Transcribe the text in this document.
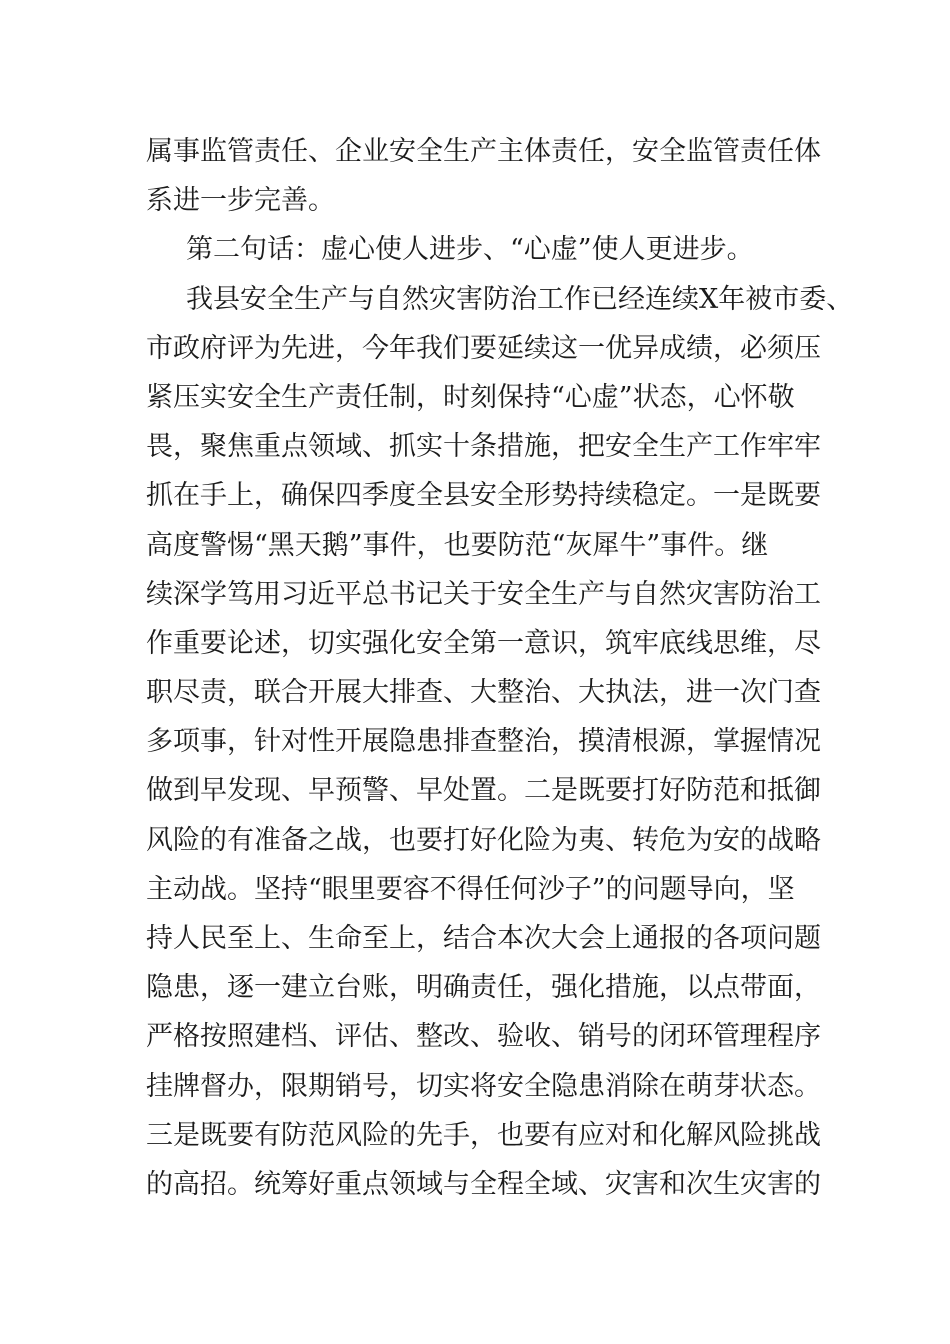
属事监管责任、企业安全生产主体责任，安全监管责任体
系进一步完善。
第二句话：虚心使人进步、“心虚”使人更进步。
我县安全生产与自然灾害防治工作已经连续X年被市委、
市政府评为先进，今年我们要延续这一优异成绩，必须压
紧压实安全生产责任制，时刻保持“心虚”状态，心怀敬
畏，聚焦重点领域、抓实十条措施，把安全生产工作牢牢
抓在手上，确保四季度全县安全形势持续稳定。一是既要
高度警惕“黑天鹅”事件，也要防范“灰犀牛”事件。继
续深学笃用习近平总书记关于安全生产与自然灾害防治工
作重要论述，切实强化安全第一意识，筑牢底线思维，尽
职尽责，联合开展大排查、大整治、大执法，进一次门查
多项事，针对性开展隐患排查整治，摸清根源，掌握情况
做到早发现、早预警、早处置。二是既要打好防范和抵御
风险的有准备之战，也要打好化险为夷、转危为安的战略
主动战。坚持“眼里要容不得任何沙子”的问题导向，坚
持人民至上、生命至上，结合本次大会上通报的各项问题
隐患，逐一建立台账，明确责任，强化措施，以点带面，
严格按照建档、评估、整改、验收、销号的闭环管理程序
挂牌督办，限期销号，切实将安全隐患消除在萌芽状态。
三是既要有防范风险的先手，也要有应对和化解风险挑战
的高招。统筹好重点领域与全程全域、灾害和次生灾害的
